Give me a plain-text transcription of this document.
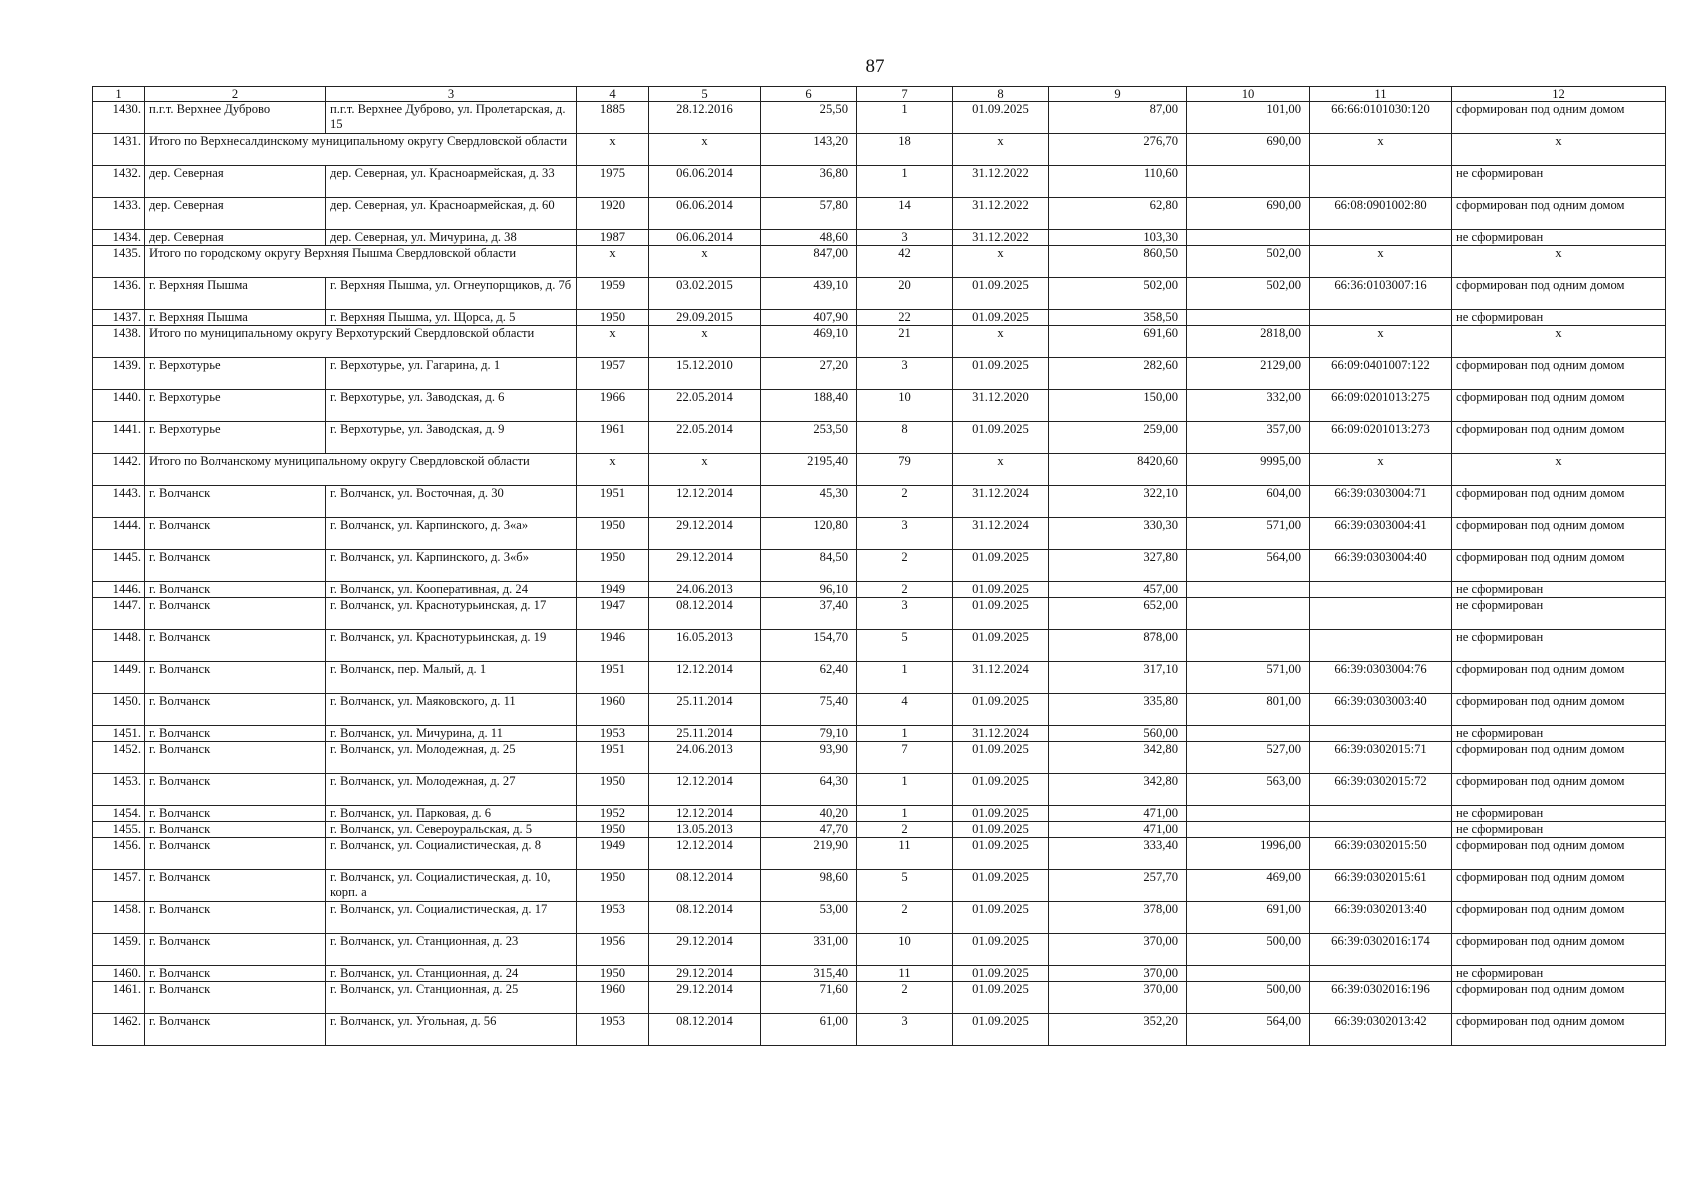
87
1	2	3	4	5	6	7	8	9	10	11	12
1430.	п.г.т. Верхнее Дуброво	п.г.т. Верхнее Дуброво, ул. Пролетарская, д. 15	1885	28.12.2016	25,50	1	01.09.2025	87,00	101,00	66:66:0101030:120	сформирован под одним домом
1431.	Итого по Верхнесалдинскому муниципальному округу Свердловской области		х	х	143,20	18	х	276,70	690,00	х	х
1432.	дер. Северная	дер. Северная, ул. Красноармейская, д. 33	1975	06.06.2014	36,80	1	31.12.2022	110,60			не сформирован
1433.	дер. Северная	дер. Северная, ул. Красноармейская, д. 60	1920	06.06.2014	57,80	14	31.12.2022	62,80	690,00	66:08:0901002:80	сформирован под одним домом
1434.	дер. Северная	дер. Северная, ул. Мичурина, д. 38	1987	06.06.2014	48,60	3	31.12.2022	103,30			не сформирован
1435.	Итого по городскому округу Верхняя Пышма Свердловской области		х	х	847,00	42	х	860,50	502,00	х	х
1436.	г. Верхняя Пышма	г. Верхняя Пышма, ул. Огнеупорщиков, д. 7б	1959	03.02.2015	439,10	20	01.09.2025	502,00	502,00	66:36:0103007:16	сформирован под одним домом
1437.	г. Верхняя Пышма	г. Верхняя Пышма, ул. Щорса, д. 5	1950	29.09.2015	407,90	22	01.09.2025	358,50			не сформирован
1438.	Итого по муниципальному округу Верхотурский Свердловской области		х	х	469,10	21	х	691,60	2818,00	х	х
1439.	г. Верхотурье	г. Верхотурье, ул. Гагарина, д. 1	1957	15.12.2010	27,20	3	01.09.2025	282,60	2129,00	66:09:0401007:122	сформирован под одним домом
1440.	г. Верхотурье	г. Верхотурье, ул. Заводская, д. 6	1966	22.05.2014	188,40	10	31.12.2020	150,00	332,00	66:09:0201013:275	сформирован под одним домом
1441.	г. Верхотурье	г. Верхотурье, ул. Заводская, д. 9	1961	22.05.2014	253,50	8	01.09.2025	259,00	357,00	66:09:0201013:273	сформирован под одним домом
1442.	Итого по Волчанскому муниципальному округу Свердловской области		х	х	2195,40	79	х	8420,60	9995,00	х	х
1443.	г. Волчанск	г. Волчанск, ул. Восточная, д. 30	1951	12.12.2014	45,30	2	31.12.2024	322,10	604,00	66:39:0303004:71	сформирован под одним домом
1444.	г. Волчанск	г. Волчанск, ул. Карпинского, д. 3«а»	1950	29.12.2014	120,80	3	31.12.2024	330,30	571,00	66:39:0303004:41	сформирован под одним домом
1445.	г. Волчанск	г. Волчанск, ул. Карпинского, д. 3«б»	1950	29.12.2014	84,50	2	01.09.2025	327,80	564,00	66:39:0303004:40	сформирован под одним домом
1446.	г. Волчанск	г. Волчанск, ул. Кооперативная, д. 24	1949	24.06.2013	96,10	2	01.09.2025	457,00			не сформирован
1447.	г. Волчанск	г. Волчанск, ул. Краснотурьинская, д. 17	1947	08.12.2014	37,40	3	01.09.2025	652,00			не сформирован
1448.	г. Волчанск	г. Волчанск, ул. Краснотурьинская, д. 19	1946	16.05.2013	154,70	5	01.09.2025	878,00			не сформирован
1449.	г. Волчанск	г. Волчанск, пер. Малый, д. 1	1951	12.12.2014	62,40	1	31.12.2024	317,10	571,00	66:39:0303004:76	сформирован под одним домом
1450.	г. Волчанск	г. Волчанск, ул. Маяковского, д. 11	1960	25.11.2014	75,40	4	01.09.2025	335,80	801,00	66:39:0303003:40	сформирован под одним домом
1451.	г. Волчанск	г. Волчанск, ул. Мичурина, д. 11	1953	25.11.2014	79,10	1	31.12.2024	560,00			не сформирован
1452.	г. Волчанск	г. Волчанск, ул. Молодежная, д. 25	1951	24.06.2013	93,90	7	01.09.2025	342,80	527,00	66:39:0302015:71	сформирован под одним домом
1453.	г. Волчанск	г. Волчанск, ул. Молодежная, д. 27	1950	12.12.2014	64,30	1	01.09.2025	342,80	563,00	66:39:0302015:72	сформирован под одним домом
1454.	г. Волчанск	г. Волчанск, ул. Парковая, д. 6	1952	12.12.2014	40,20	1	01.09.2025	471,00			не сформирован
1455.	г. Волчанск	г. Волчанск, ул. Североуральская, д. 5	1950	13.05.2013	47,70	2	01.09.2025	471,00			не сформирован
1456.	г. Волчанск	г. Волчанск, ул. Социалистическая, д. 8	1949	12.12.2014	219,90	11	01.09.2025	333,40	1996,00	66:39:0302015:50	сформирован под одним домом
1457.	г. Волчанск	г. Волчанск, ул. Социалистическая, д. 10, корп. а	1950	08.12.2014	98,60	5	01.09.2025	257,70	469,00	66:39:0302015:61	сформирован под одним домом
1458.	г. Волчанск	г. Волчанск, ул. Социалистическая, д. 17	1953	08.12.2014	53,00	2	01.09.2025	378,00	691,00	66:39:0302013:40	сформирован под одним домом
1459.	г. Волчанск	г. Волчанск, ул. Станционная, д. 23	1956	29.12.2014	331,00	10	01.09.2025	370,00	500,00	66:39:0302016:174	сформирован под одним домом
1460.	г. Волчанск	г. Волчанск, ул. Станционная, д. 24	1950	29.12.2014	315,40	11	01.09.2025	370,00			не сформирован
1461.	г. Волчанск	г. Волчанск, ул. Станционная, д. 25	1960	29.12.2014	71,60	2	01.09.2025	370,00	500,00	66:39:0302016:196	сформирован под одним домом
1462.	г. Волчанск	г. Волчанск, ул. Угольная, д. 56	1953	08.12.2014	61,00	3	01.09.2025	352,20	564,00	66:39:0302013:42	сформирован под одним домом
